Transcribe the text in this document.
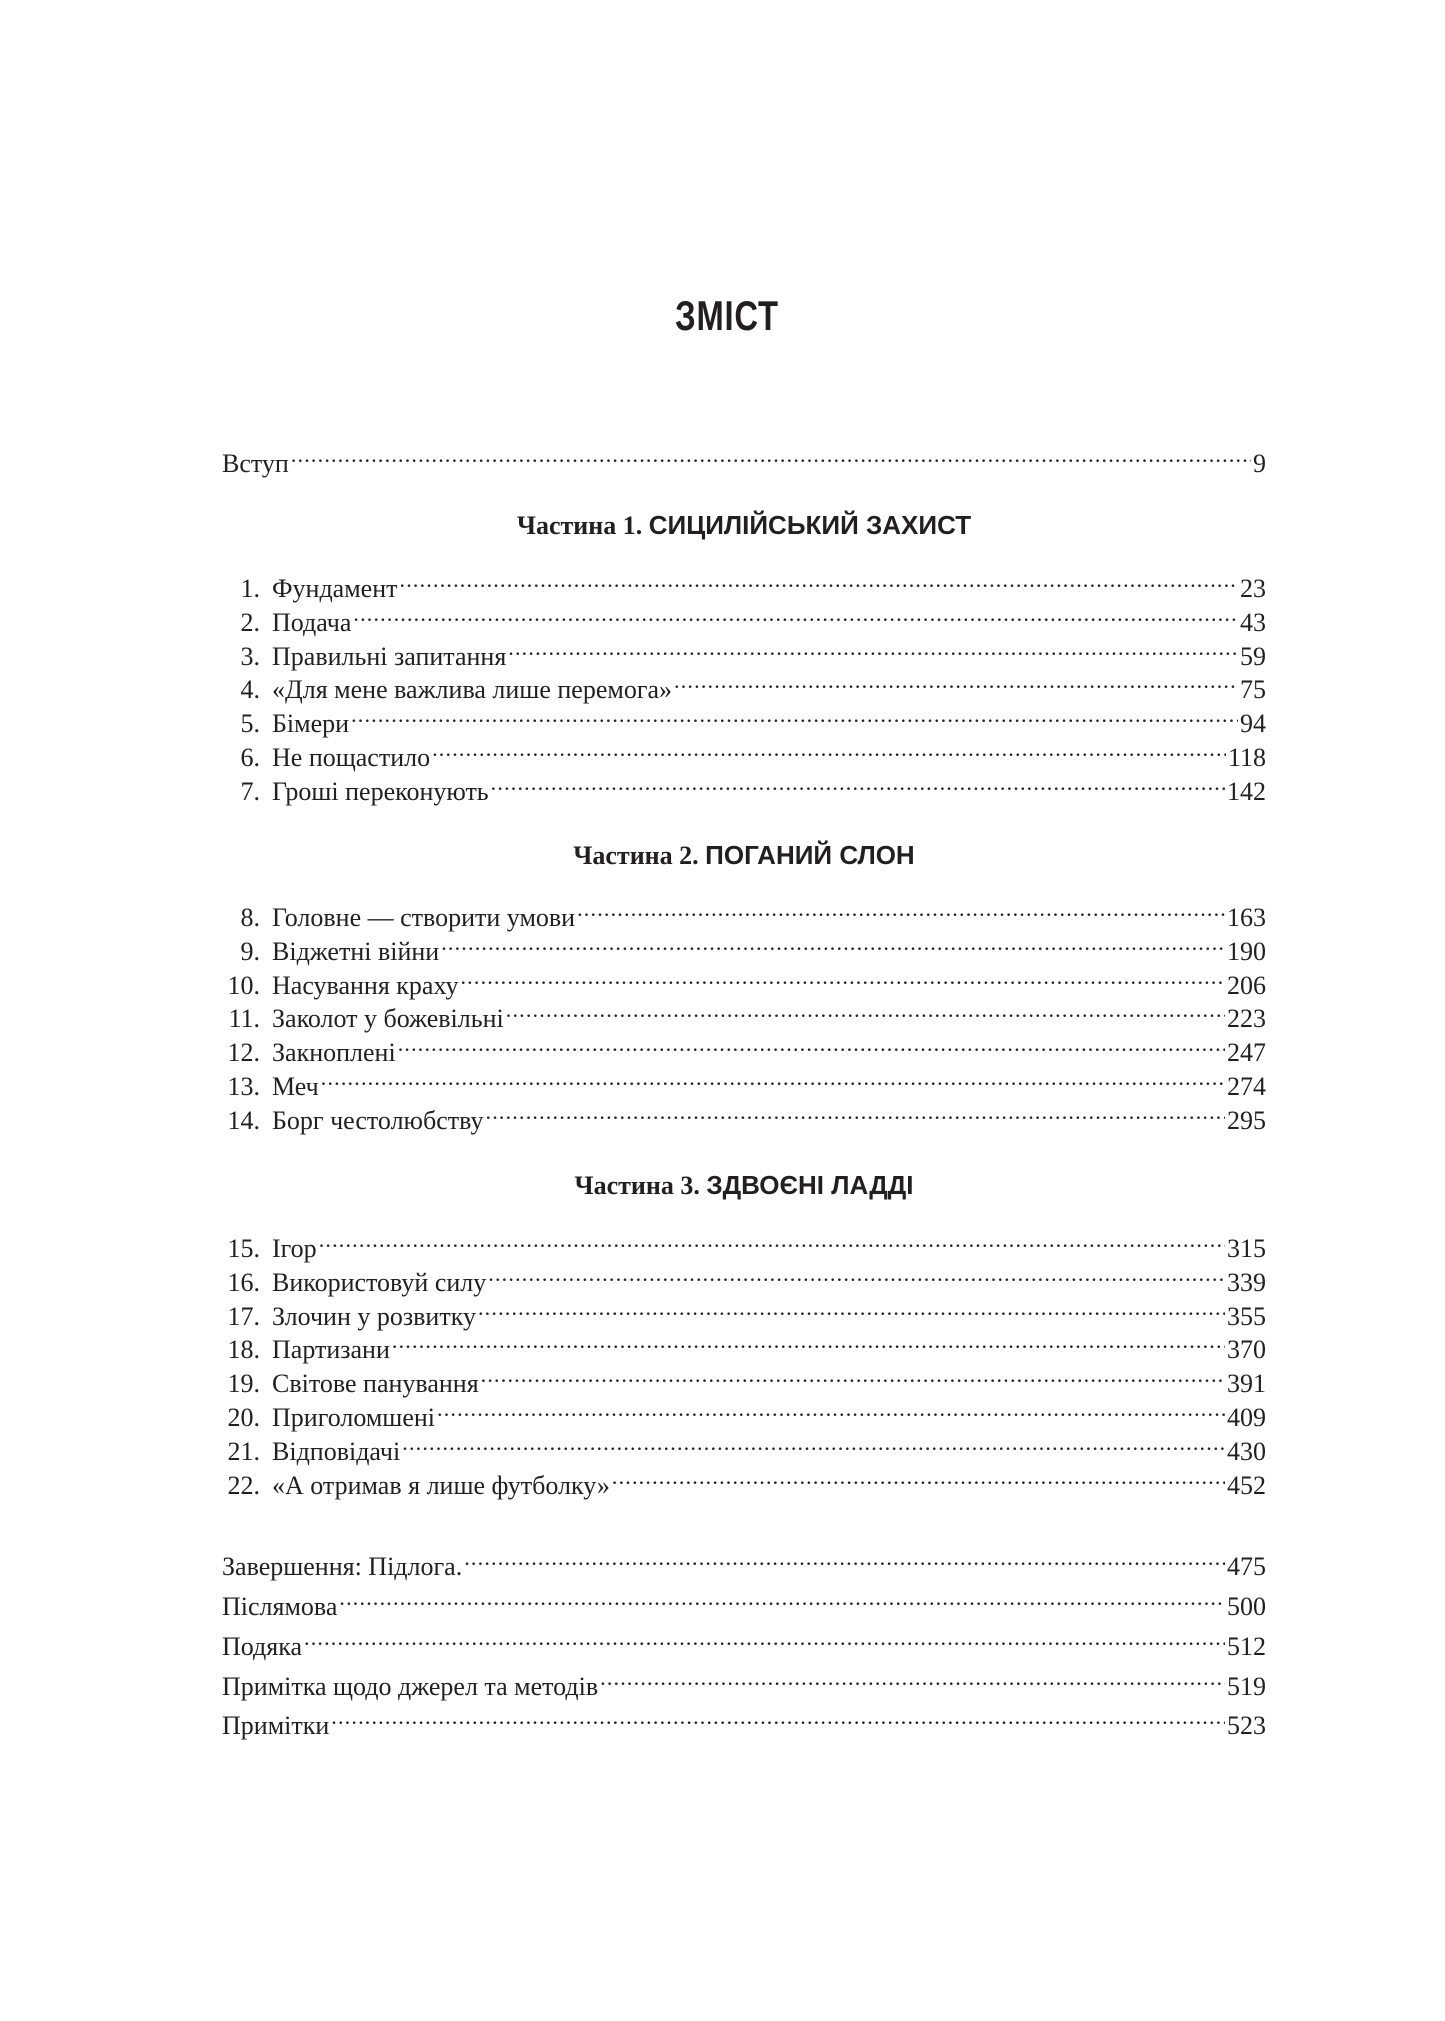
ЗМІСТ
Вступ .....	9
Частина 1. СИЦИЛІЙСЬКИЙ ЗАХИСТ
Частина 2. ПОГАНИЙ СЛОН
Частина 3. ЗДВОЄНІ ЛАДДІ
1. Фундамент .....	23
2. Подача .....	43
3. Правильні запитання .....	59
4. «Для мене важлива лише перемога» .....	75
5. Бімери .....	94
6. Не пощастило .....	118
7. Гроші переконують .....	142
8. Головне — створити умови .....	163
9. Віджетні війни .....	190
10. Насування краху .....	206
11. Заколот у божевільні .....	223
12. Закноплені .....	247
13. Меч .....	274
14. Борг честолюбству .....	295
15. Ігор .....	315
16. Використовуй силу .....	339
17. Злочин у розвитку .....	355
18. Партизани .....	370
19. Світове панування .....	391
20. Приголомшені .....	409
21. Відповідачі .....	430
22. «А отримав я лише футболку» .....	452
Завершення: Підлога. .....	475
Післямова .....	500
Подяка .....	512
Примітка щодо джерел та методів .....	519
Примітки .....	523
